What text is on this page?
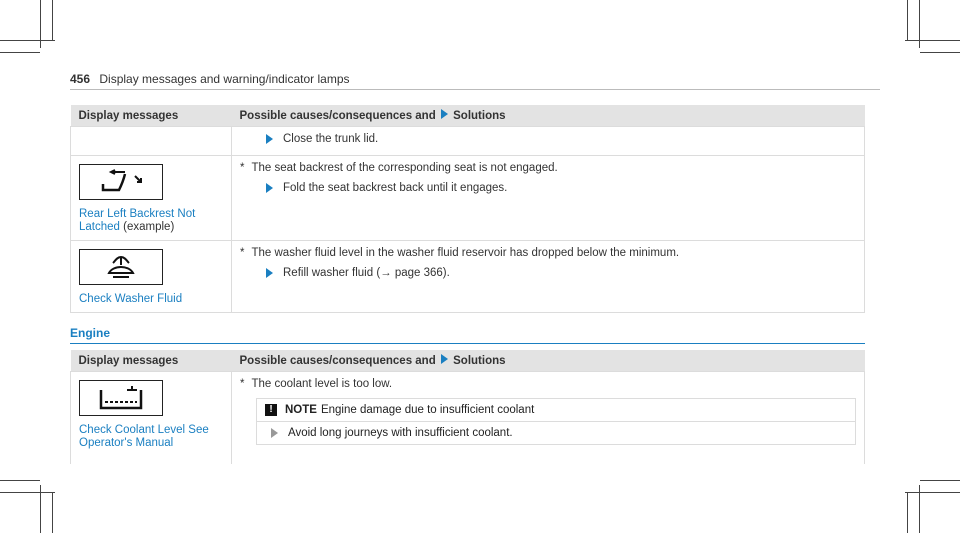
456 Display messages and warning/indicator lamps
Display messages	Possible causes/consequences and Solutions

	Close the trunk lid.

Rear Left Backrest Not Latched (example)	* The seat backrest of the corresponding seat is not engaged.
Fold the seat backrest back until it engages.

Check Washer Fluid	* The washer fluid level in the washer fluid reservoir has dropped below the minimum.
Refill washer fluid (→ page 366).
Engine
Display messages	Possible causes/consequences and Solutions

Check Coolant Level See Operator's Manual	* The coolant level is too low.
! NOTE Engine damage due to insufficient coolant
Avoid long journeys with insufficient coolant.
